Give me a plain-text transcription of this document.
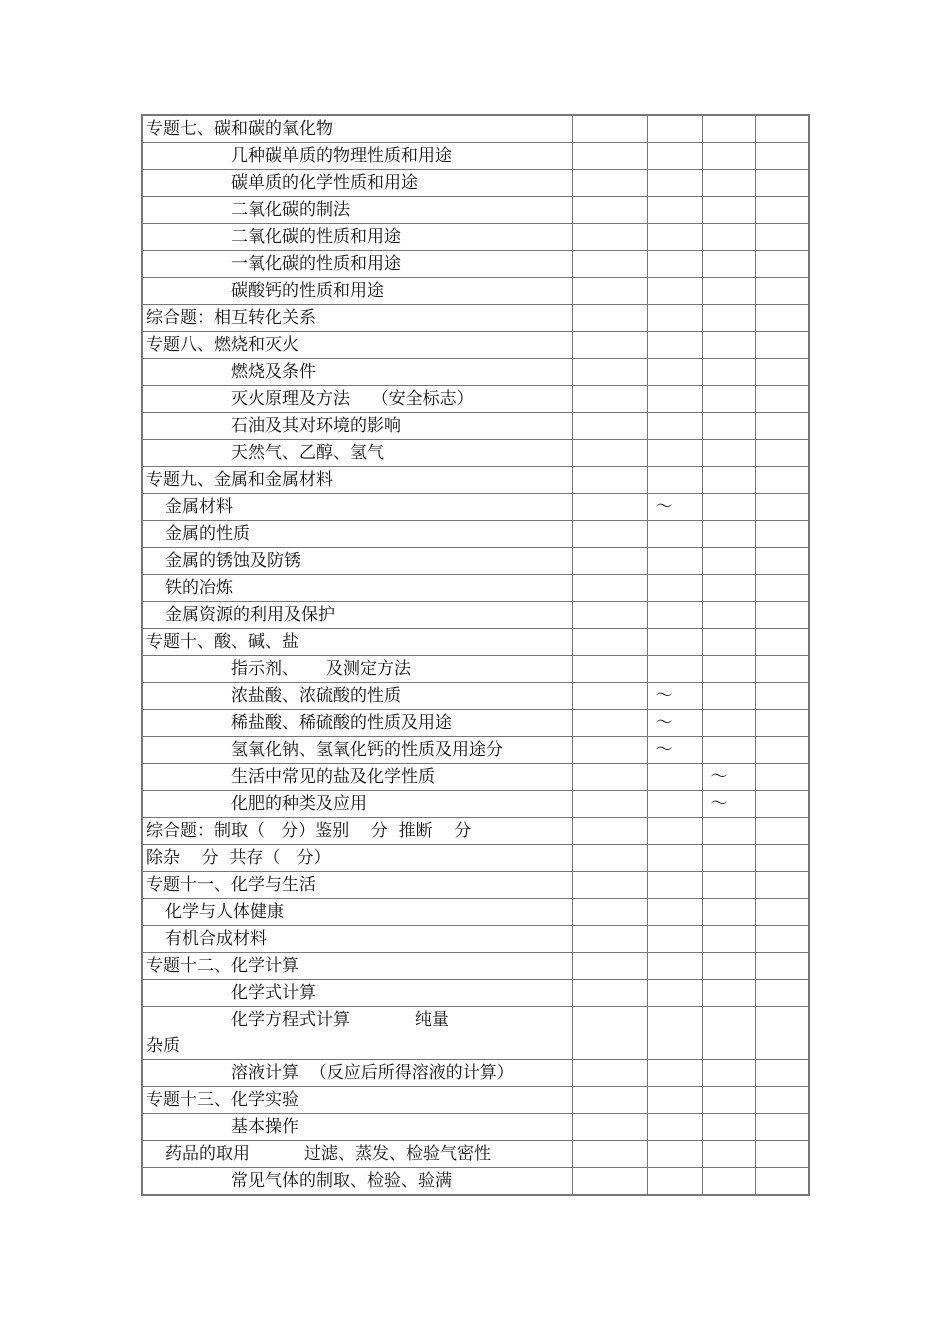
专题七、碳和碳的氧化物				
几种碳单质的物理性质和用途				
碳单质的化学性质和用途				
二氧化碳的制法				
二氧化碳的性质和用途				
一氧化碳的性质和用途				
碳酸钙的性质和用途				
综合题：相互转化关系				
专题八、燃烧和灭火				
燃烧及条件				
灭火原理及方法    （安全标志）				
石油及其对环境的影响				
天然气、乙醇、氢气				
专题九、金属和金属材料				
金属材料		～		
金属的性质				
金属的锈蚀及防锈				
铁的冶炼				
金属资源的利用及保护				
专题十、酸、碱、盐				
指示剂、     及测定方法				
浓盐酸、浓硫酸的性质		～		
稀盐酸、稀硫酸的性质及用途		～		
氢氧化钠、氢氧化钙的性质及用途分		～		
生活中常见的盐及化学性质			～	
化肥的种类及应用			～	
综合题：制取（   分）鉴别    分  推断    分				
除杂    分  共存（   分）				
专题十一、化学与生活				
化学与人体健康				
有机合成材料				
专题十二、化学计算				
化学式计算				

化学方程式计算            纯量
杂质				

溶液计算  （反应后所得溶液的计算）				
专题十三、化学实验				
基本操作				
药品的取用          过滤、蒸发、检验气密性				
常见气体的制取、检验、验满				
